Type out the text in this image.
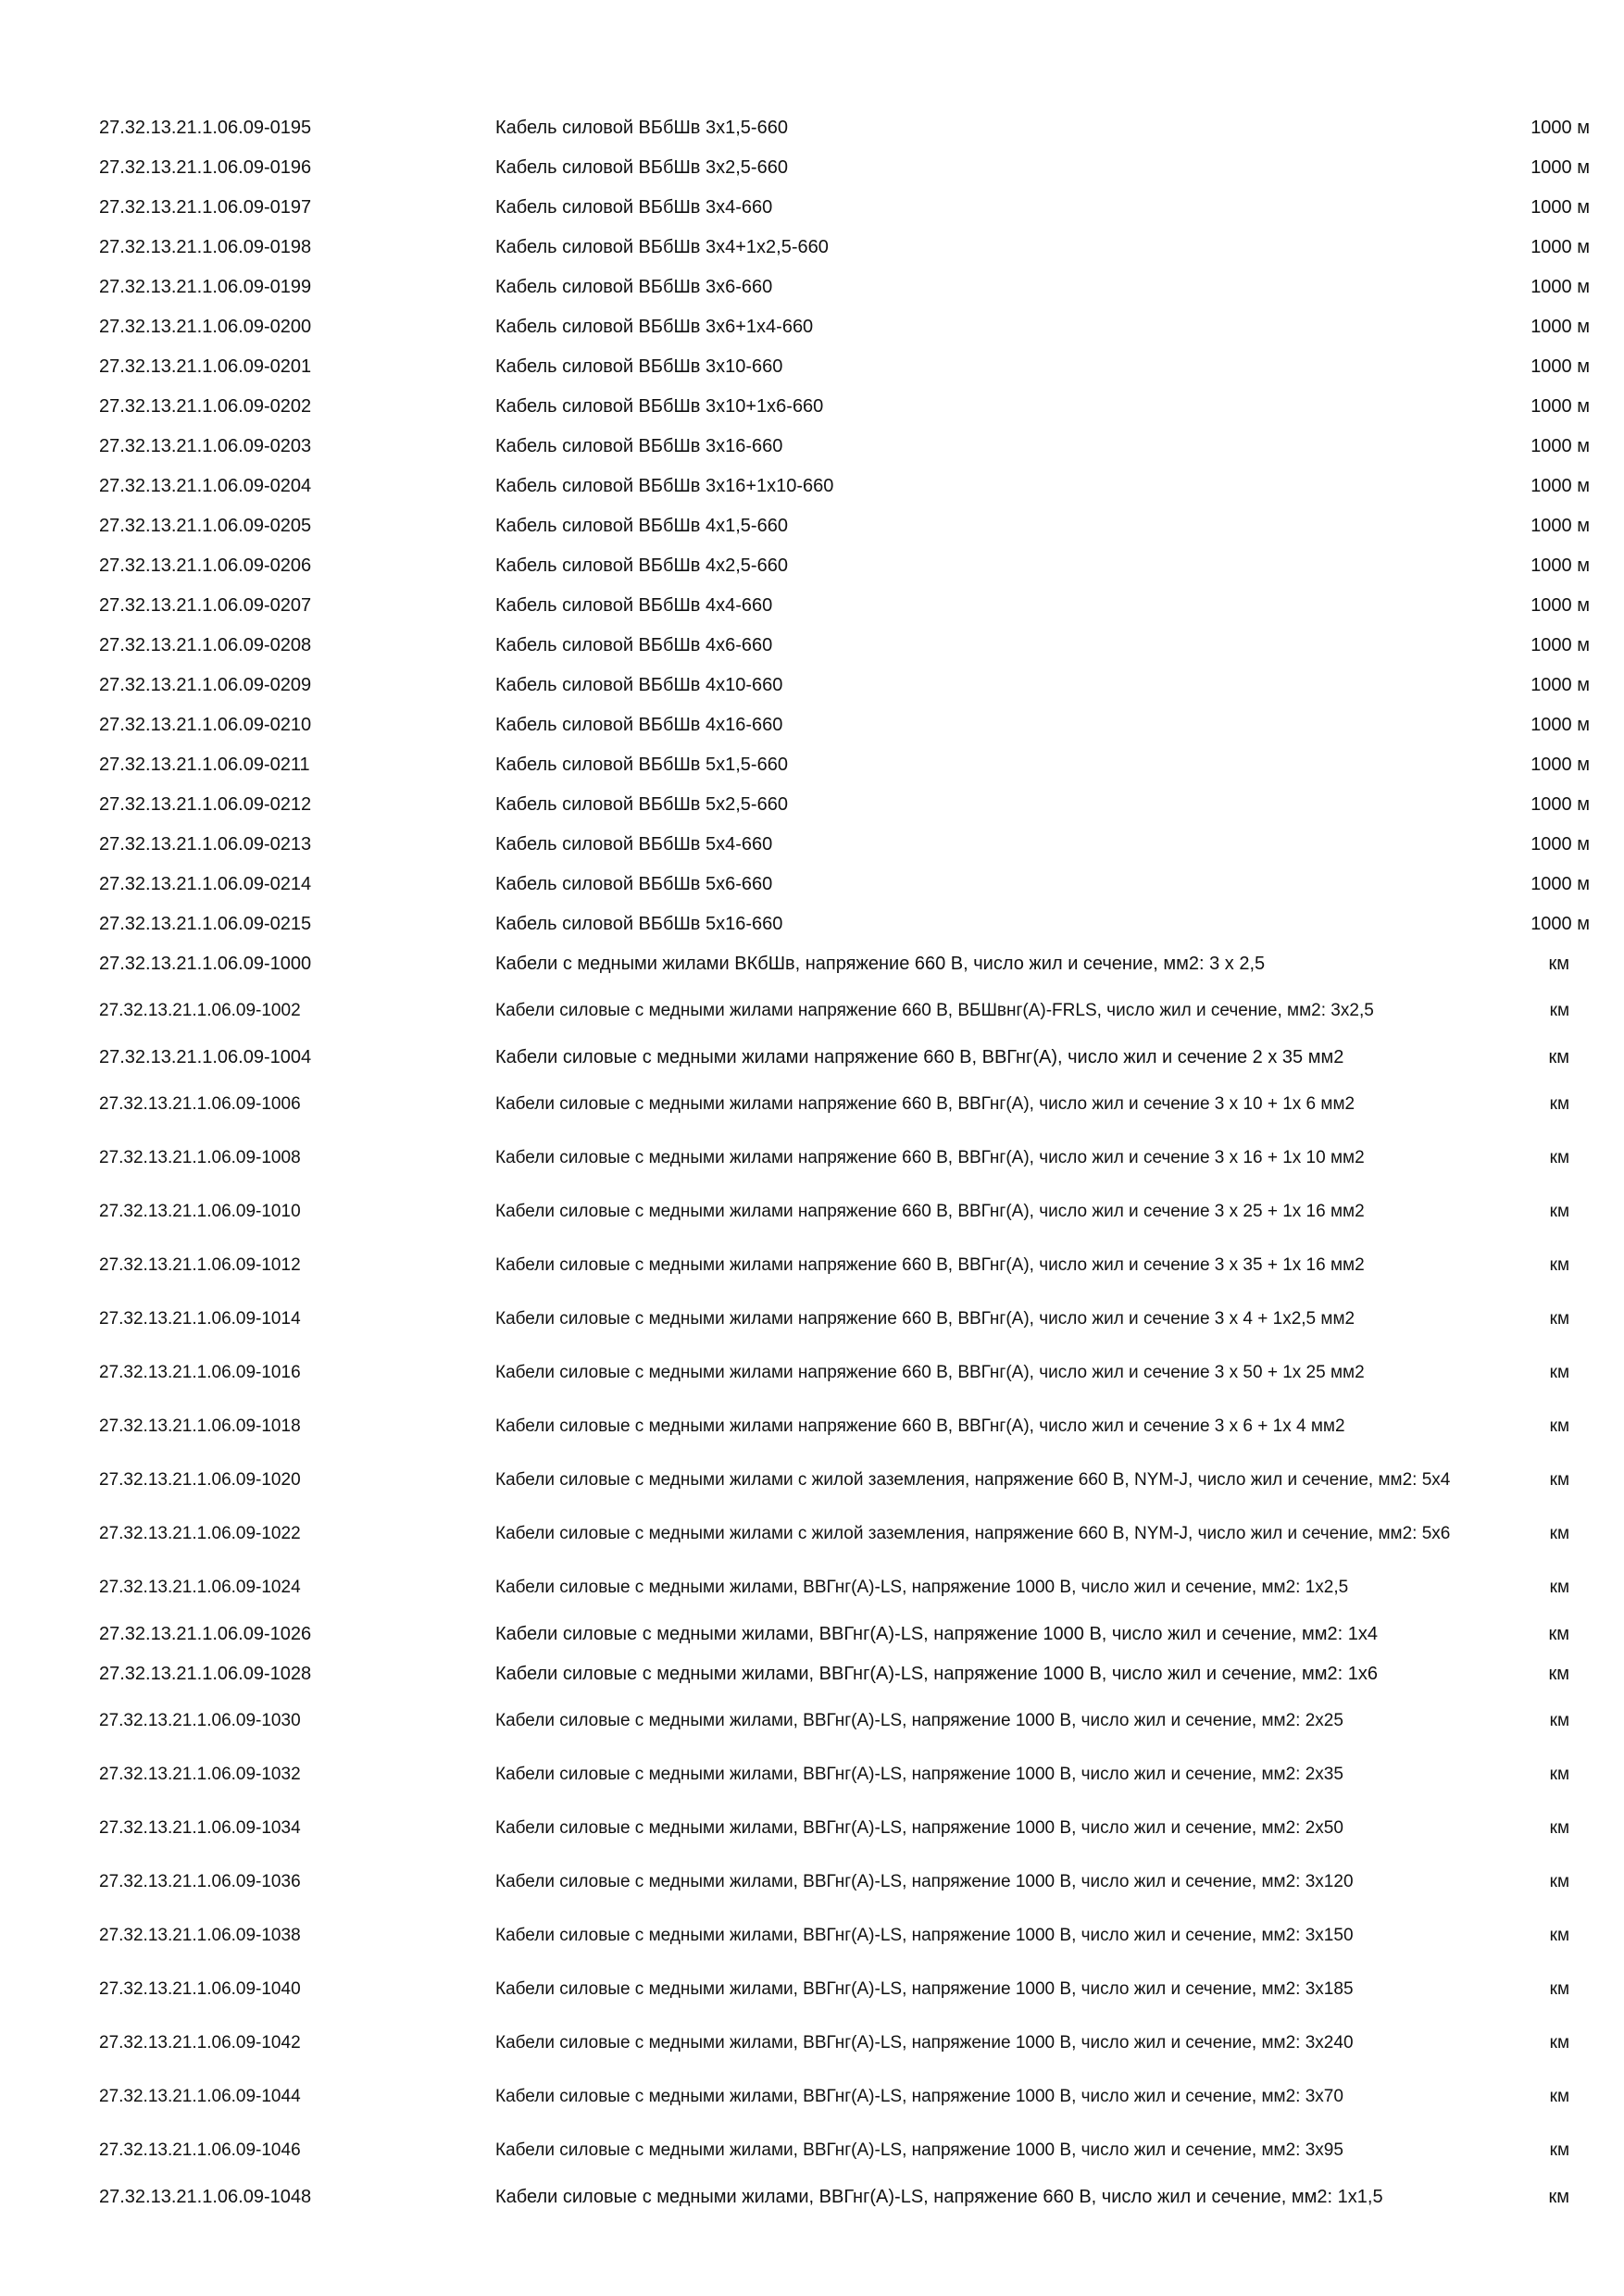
27.32.13.21.1.06.09-0195	Кабель силовой ВБбШв 3х1,5-660	1000 м
27.32.13.21.1.06.09-0196	Кабель силовой ВБбШв 3х2,5-660	1000 м
27.32.13.21.1.06.09-0197	Кабель силовой ВБбШв 3х4-660	1000 м
27.32.13.21.1.06.09-0198	Кабель силовой ВБбШв 3х4+1х2,5-660	1000 м
27.32.13.21.1.06.09-0199	Кабель силовой ВБбШв 3х6-660	1000 м
27.32.13.21.1.06.09-0200	Кабель силовой ВБбШв 3х6+1х4-660	1000 м
27.32.13.21.1.06.09-0201	Кабель силовой ВБбШв 3х10-660	1000 м
27.32.13.21.1.06.09-0202	Кабель силовой ВБбШв 3х10+1х6-660	1000 м
27.32.13.21.1.06.09-0203	Кабель силовой ВБбШв 3х16-660	1000 м
27.32.13.21.1.06.09-0204	Кабель силовой ВБбШв 3х16+1х10-660	1000 м
27.32.13.21.1.06.09-0205	Кабель силовой ВБбШв 4х1,5-660	1000 м
27.32.13.21.1.06.09-0206	Кабель силовой ВБбШв 4х2,5-660	1000 м
27.32.13.21.1.06.09-0207	Кабель силовой ВБбШв 4х4-660	1000 м
27.32.13.21.1.06.09-0208	Кабель силовой ВБбШв 4х6-660	1000 м
27.32.13.21.1.06.09-0209	Кабель силовой ВБбШв 4х10-660	1000 м
27.32.13.21.1.06.09-0210	Кабель силовой ВБбШв 4х16-660	1000 м
27.32.13.21.1.06.09-0211	Кабель силовой ВБбШв 5х1,5-660	1000 м
27.32.13.21.1.06.09-0212	Кабель силовой ВБбШв 5х2,5-660	1000 м
27.32.13.21.1.06.09-0213	Кабель силовой ВБбШв 5х4-660	1000 м
27.32.13.21.1.06.09-0214	Кабель силовой ВБбШв 5х6-660	1000 м
27.32.13.21.1.06.09-0215	Кабель силовой ВБбШв 5х16-660	1000 м
27.32.13.21.1.06.09-1000	Кабели с медными жилами ВКбШв, напряжение 660 В, число жил и сечение, мм2: 3 х 2,5	км
27.32.13.21.1.06.09-1002	Кабели силовые с медными жилами напряжение 660 В, ВБШвнг(А)-FRLS, число жил и сечение, мм2: 3х2,5	км
27.32.13.21.1.06.09-1004	Кабели силовые с медными жилами напряжение 660 В, ВВГнг(А), число жил и сечение 2 х 35 мм2	км
27.32.13.21.1.06.09-1006	Кабели силовые с медными жилами напряжение 660 В, ВВГнг(А), число жил и сечение 3 х 10 + 1х 6 мм2	км
27.32.13.21.1.06.09-1008	Кабели силовые с медными жилами напряжение 660 В, ВВГнг(А), число жил и сечение 3 х 16 + 1х 10 мм2	км
27.32.13.21.1.06.09-1010	Кабели силовые с медными жилами напряжение 660 В, ВВГнг(А), число жил и сечение 3 х 25 + 1х 16 мм2	км
27.32.13.21.1.06.09-1012	Кабели силовые с медными жилами напряжение 660 В, ВВГнг(А), число жил и сечение 3 х 35 + 1х 16 мм2	км
27.32.13.21.1.06.09-1014	Кабели силовые с медными жилами напряжение 660 В, ВВГнг(А), число жил и сечение 3 х 4 + 1х2,5 мм2	км
27.32.13.21.1.06.09-1016	Кабели силовые с медными жилами напряжение 660 В, ВВГнг(А), число жил и сечение 3 х 50 + 1х 25 мм2	км
27.32.13.21.1.06.09-1018	Кабели силовые с медными жилами напряжение 660 В, ВВГнг(А), число жил и сечение 3 х 6 + 1х 4 мм2	км
27.32.13.21.1.06.09-1020	Кабели силовые с медными жилами с жилой заземления, напряжение 660 В, NYM-J, число жил и сечение, мм2: 5х4	км
27.32.13.21.1.06.09-1022	Кабели силовые с медными жилами с жилой заземления, напряжение 660 В, NYM-J, число жил и сечение, мм2: 5х6	км
27.32.13.21.1.06.09-1024	Кабели силовые с медными жилами, ВВГнг(А)-LS, напряжение 1000 В, число жил и сечение, мм2: 1х2,5	км
27.32.13.21.1.06.09-1026	Кабели силовые с медными жилами, ВВГнг(А)-LS, напряжение 1000 В, число жил и сечение, мм2: 1х4	км
27.32.13.21.1.06.09-1028	Кабели силовые с медными жилами, ВВГнг(А)-LS, напряжение 1000 В, число жил и сечение, мм2: 1х6	км
27.32.13.21.1.06.09-1030	Кабели силовые с медными жилами, ВВГнг(А)-LS, напряжение 1000 В, число жил и сечение, мм2: 2х25	км
27.32.13.21.1.06.09-1032	Кабели силовые с медными жилами, ВВГнг(А)-LS, напряжение 1000 В, число жил и сечение, мм2: 2х35	км
27.32.13.21.1.06.09-1034	Кабели силовые с медными жилами, ВВГнг(А)-LS, напряжение 1000 В, число жил и сечение, мм2: 2х50	км
27.32.13.21.1.06.09-1036	Кабели силовые с медными жилами, ВВГнг(А)-LS, напряжение 1000 В, число жил и сечение, мм2: 3х120	км
27.32.13.21.1.06.09-1038	Кабели силовые с медными жилами, ВВГнг(А)-LS, напряжение 1000 В, число жил и сечение, мм2: 3х150	км
27.32.13.21.1.06.09-1040	Кабели силовые с медными жилами, ВВГнг(А)-LS, напряжение 1000 В, число жил и сечение, мм2: 3х185	км
27.32.13.21.1.06.09-1042	Кабели силовые с медными жилами, ВВГнг(А)-LS, напряжение 1000 В, число жил и сечение, мм2: 3х240	км
27.32.13.21.1.06.09-1044	Кабели силовые с медными жилами, ВВГнг(А)-LS, напряжение 1000 В, число жил и сечение, мм2: 3х70	км
27.32.13.21.1.06.09-1046	Кабели силовые с медными жилами, ВВГнг(А)-LS, напряжение 1000 В, число жил и сечение, мм2: 3х95	км
27.32.13.21.1.06.09-1048	Кабели силовые с медными жилами, ВВГнг(А)-LS, напряжение 660 В, число жил и сечение, мм2: 1х1,5	км
